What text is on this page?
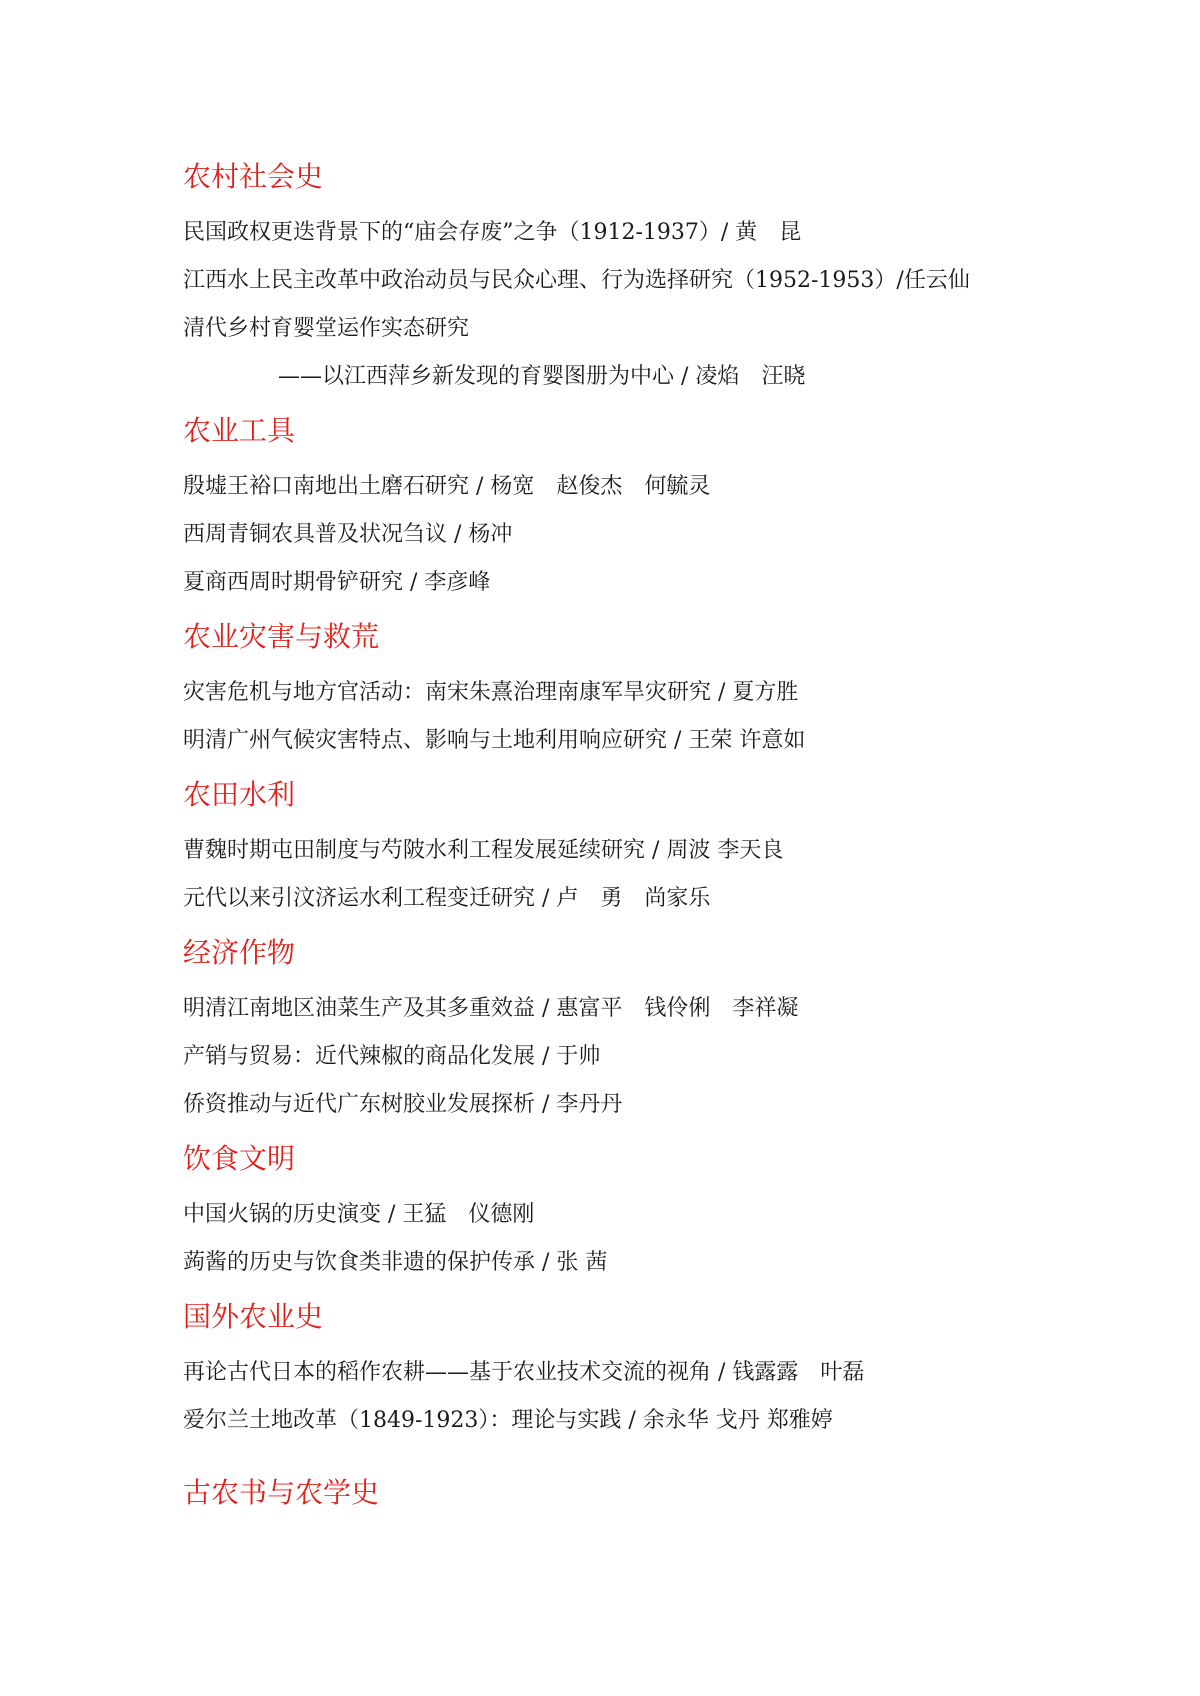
农村社会史
民国政权更迭背景下的“庙会存废”之争（1912-1937）/ 黄　昆
江西水上民主改革中政治动员与民众心理、行为选择研究（1952-1953）/任云仙
清代乡村育婴堂运作实态研究
——以江西萍乡新发现的育婴图册为中心 / 凌焰　汪晓
农业工具
殷墟王裕口南地出土磨石研究 / 杨宽　赵俊杰　何毓灵
西周青铜农具普及状况刍议 / 杨冲
夏商西周时期骨铲研究 / 李彦峰
农业灾害与救荒
灾害危机与地方官活动：南宋朱熹治理南康军旱灾研究 / 夏方胜
明清广州气候灾害特点、影响与土地利用响应研究 / 王荣 许意如
农田水利
曹魏时期屯田制度与芍陂水利工程发展延续研究 / 周波 李天良
元代以来引汶济运水利工程变迁研究 / 卢　勇　尚家乐
经济作物
明清江南地区油菜生产及其多重效益 / 惠富平　钱伶俐　李祥凝
产销与贸易：近代辣椒的商品化发展 / 于帅
侨资推动与近代广东树胶业发展探析 / 李丹丹
饮食文明
中国火锅的历史演变 / 王猛　仪德刚
蒟酱的历史与饮食类非遗的保护传承 / 张 茜
国外农业史
再论古代日本的稻作农耕——基于农业技术交流的视角 / 钱露露　叶磊
爱尔兰土地改革（1849-1923）：理论与实践 / 余永华 戈丹 郑雅婷
古农书与农学史
